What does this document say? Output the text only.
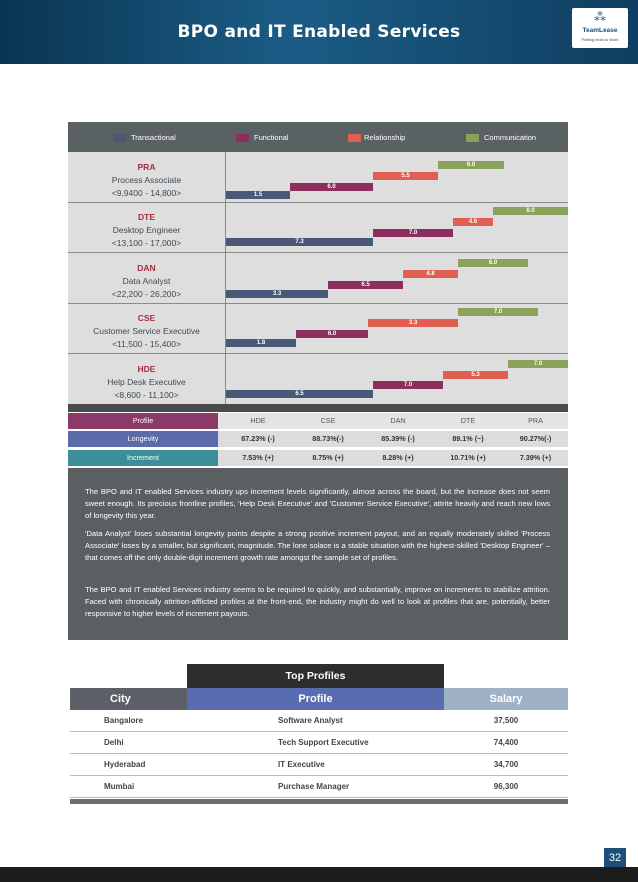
BPO and IT Enabled Services
⁂
TeamLease
Putting India to Work
Transactional	Functional	Relationship	Communication
PRA
Process Associate
<9,9400 - 14,800>	1.5
6.0
5.5
6.0
DTE
Desktop Engineer
<13,100 - 17,000>	7.3
7.0
4.6
8.0
DAN
Data Analyst
<22,200 - 26,200>	3.3
6.5
4.8
6.0
CSE
Customer Service Executive
<11,500 - 15,400>	1.8
6.0
3.3
7.0
HDE
Help Desk Executive
<8,600 - 11,100>	6.5
7.0
5.3
7.0
Profile	HDE	CSE	DAN	DTE	PRA
Longevity	87.23% (-)	88.73%(-)	85.39% (-)	89.1% (~)	90.27%(-)
Increment	7.53% (+)	8.75% (+)	8.28% (+)	10.71% (+)	7.39% (+)

The BPO and IT enabled Services industry ups increment levels significantly, almost across the board, but the increase does not seem sweet enough. Its precious frontline profiles, 'Help Desk Executive' and 'Customer Service Executive', attrite heavily and reach new lows of longevity this year.

'Data Analyst' loses substantial longevity points despite a strong positive increment payout, and an equally moderately skilled 'Process Associate' loses by a smaller, but significant, magnitude. The lone solace is a stable situation with the highest-skilled 'Desktop Engineer' – that comes off the only double-digit increment growth rate amongst the sample set of profiles.

The BPO and IT enabled Services industry seems to be required to quickly, and substantially, improve on increments to stabilize attrition. Faced with chronically attrition-afflicted profiles at the front-end, the industry might do well to look at profiles that are, potentially, better responsive to higher levels of increment payouts.

Top Profiles
City	Profile	Salary
Bangalore	Software Analyst	37,500
Delhi	Tech Support Executive	74,400
Hyderabad	IT Executive	34,700
Mumbai	Purchase Manager	96,300
32
